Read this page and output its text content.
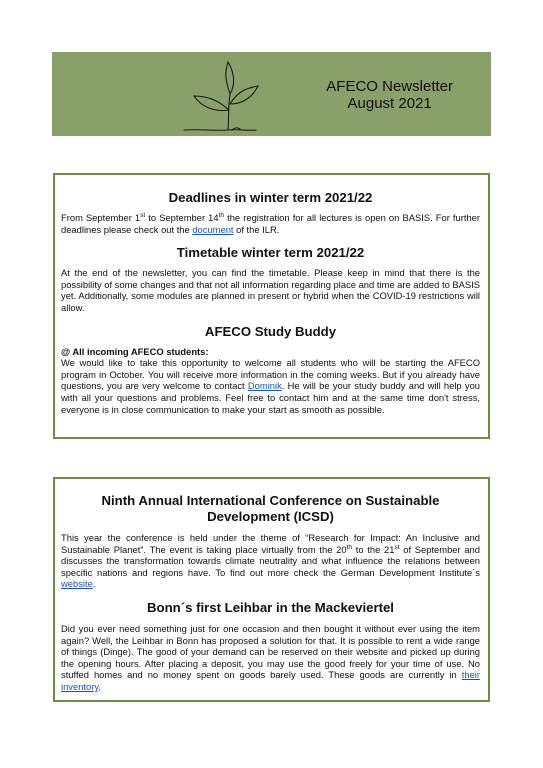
AFECO Newsletter
August 2021
Deadlines in winter term 2021/22

From September 1st to September 14th the registration for all lectures is open on BASIS. For further deadlines please check out the document of the ILR.

Timetable winter term 2021/22

At the end of the newsletter, you can find the timetable. Please keep in mind that there is the possibility of some changes and that not all information regarding place and time are added to BASIS yet. Additionally, some modules are planned in present or hybrid when the COVID-19 restrictions will allow.

AFECO Study Buddy

@ All incoming AFECO students:
We would like to take this opportunity to welcome all students who will be starting the AFECO program in October. You will receive more information in the coming weeks. But if you already have questions, you are very welcome to contact Dominik. He will be your study buddy and will help you with all your questions and problems. Feel free to contact him and at the same time don't stress, everyone is in close communication to make your start as smooth as possible.

Ninth Annual International Conference on Sustainable Development (ICSD)

This year the conference is held under the theme of “Research for Impact: An Inclusive and Sustainable Planet”. The event is taking place virtually from the 20th to the 21st of September and discusses the transformation towards climate neutrality and what influence the relations between specific nations and regions have. To find out more check the German Development Institute´s website.

Bonn´s first Leihbar in the Mackeviertel

Did you ever need something just for one occasion and then bought it without ever using the item again? Well, the Leihbar in Bonn has proposed a solution for that. It is possible to rent a wide range of things (Dinge). The good of your demand can be reserved on their website and picked up during the opening hours. After placing a deposit, you may use the good freely for your time of use. No stuffed homes and no money spent on goods barely used. These goods are currently in their inventory.
